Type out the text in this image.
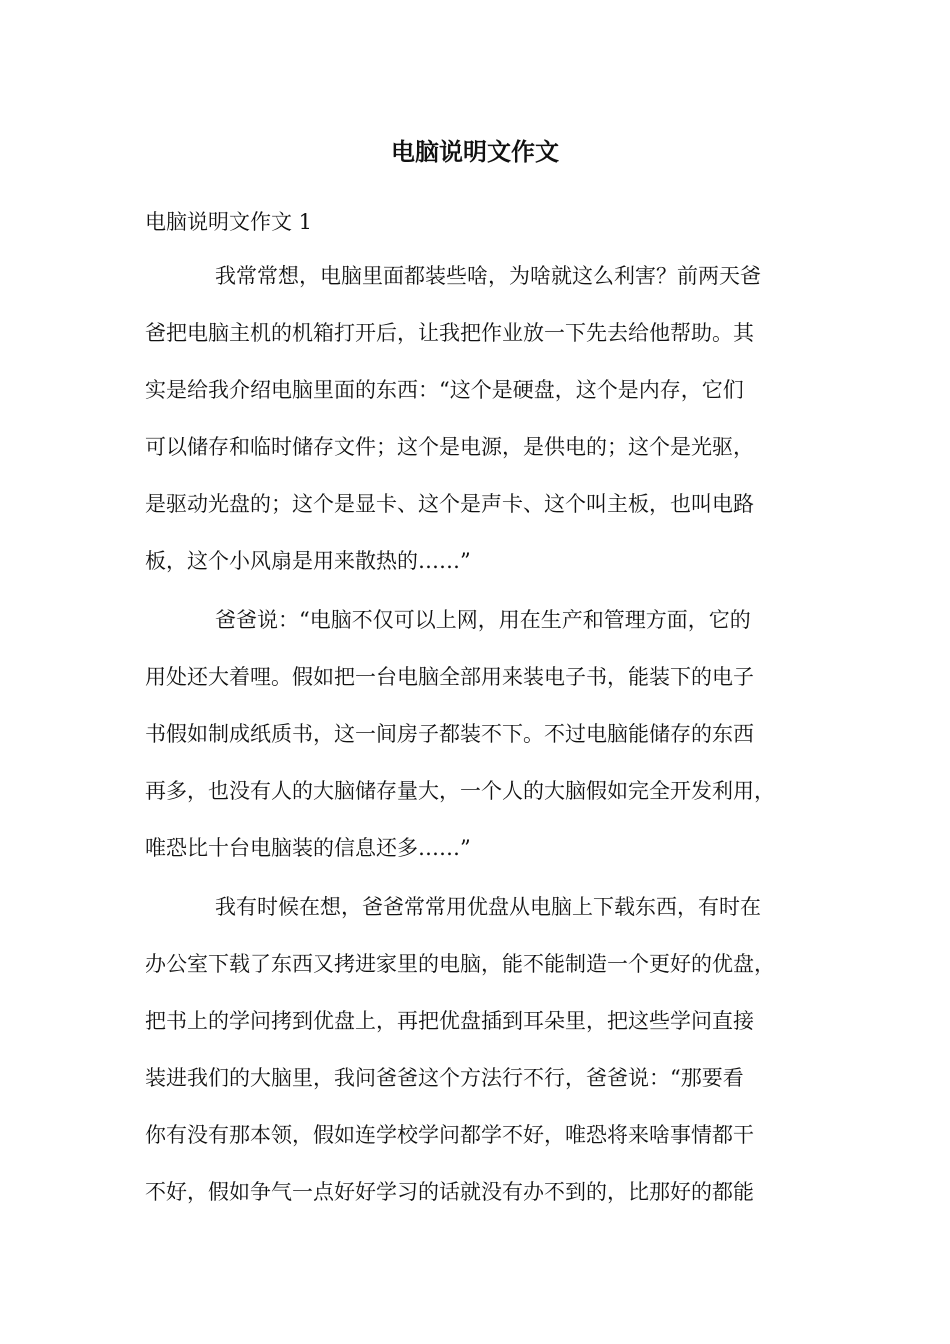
电脑说明文作文
电脑说明文作文 1
我常常想，电脑里面都装些啥，为啥就这么利害？前两天爸
爸把电脑主机的机箱打开后，让我把作业放一下先去给他帮助。其
实是给我介绍电脑里面的东西：“这个是硬盘，这个是内存，它们
可以储存和临时储存文件；这个是电源，是供电的；这个是光驱，
是驱动光盘的；这个是显卡、这个是声卡、这个叫主板，也叫电路
板，这个小风扇是用来散热的……”
爸爸说：“电脑不仅可以上网，用在生产和管理方面，它的
用处还大着哩。假如把一台电脑全部用来装电子书，能装下的电子
书假如制成纸质书，这一间房子都装不下。不过电脑能储存的东西
再多，也没有人的大脑储存量大，一个人的大脑假如完全开发利用，
唯恐比十台电脑装的信息还多……”
我有时候在想，爸爸常常用优盘从电脑上下载东西，有时在
办公室下载了东西又拷进家里的电脑，能不能制造一个更好的优盘，
把书上的学问拷到优盘上，再把优盘插到耳朵里，把这些学问直接
装进我们的大脑里，我问爸爸这个方法行不行，爸爸说：“那要看
你有没有那本领，假如连学校学问都学不好，唯恐将来啥事情都干
不好，假如争气一点好好学习的话就没有办不到的，比那好的都能
